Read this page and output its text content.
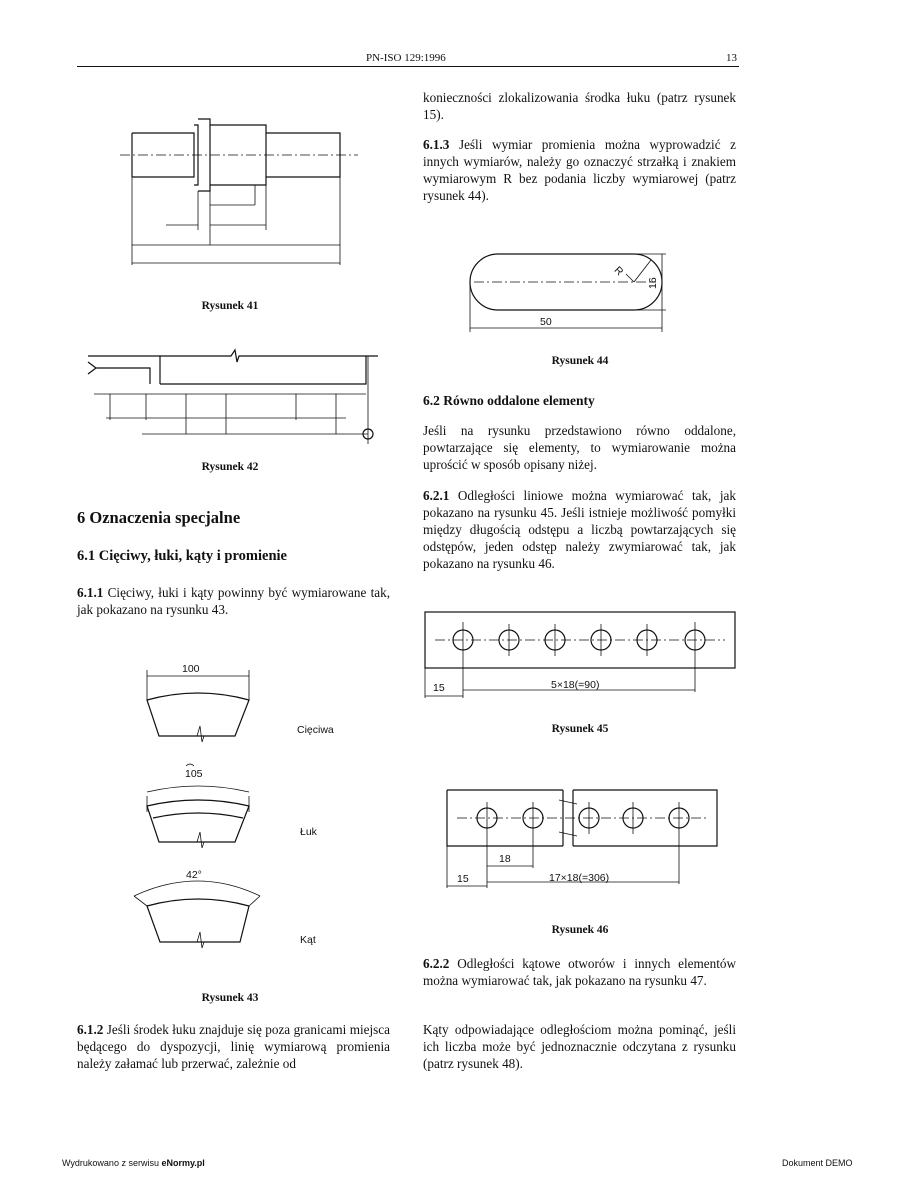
PN-ISO 129:1996	13
Rysunek 41
Rysunek 42
6 Oznaczenia specjalne
6.1 Cięciwy, łuki, kąty i promienie

6.1.1 Cięciwy, łuki i kąty powinny być wymiarowane tak, jak pokazano na rysunku 43.

100
Cięciwa
105
Łuk
42°
Kąt
Rysunek 43

6.1.2 Jeśli środek łuku znajduje się poza granicami miejsca będącego do dyspozycji, linię wymiarową promienia należy załamać lub przerwać, zależnie od

konieczności zlokalizowania środka łuku (patrz rysunek 15).

6.1.3 Jeśli wymiar promienia można wyprowadzić z innych wymiarów, należy go oznaczyć strzałką i znakiem wymiarowym R bez podania liczby wymiarowej (patrz rysunek 44).

50
16
R
Rysunek 44
6.2 Równo oddalone elementy

Jeśli na rysunku przedstawiono równo oddalone, powtarzające się elementy, to wymiarowanie można uprościć w sposób opisany niżej.

6.2.1 Odległości liniowe można wymiarować tak, jak pokazano na rysunku 45. Jeśli istnieje możliwość pomyłki między długością odstępu a liczbą powtarzających się odstępów, jeden odstęp należy zwymiarować tak, jak pokazano na rysunku 46.

15	5×18(=90)
Rysunek 45
18
15	17×18(=306)
Rysunek 46

6.2.2 Odległości kątowe otworów i innych elementów można wymiarować tak, jak pokazano na rysunku 47.

Kąty odpowiadające odległościom można pominąć, jeśli ich liczba może być jednoznacznie odczytana z rysunku (patrz rysunek 48).

Wydrukowano z serwisu eNormy.pl	Dokument DEMO
